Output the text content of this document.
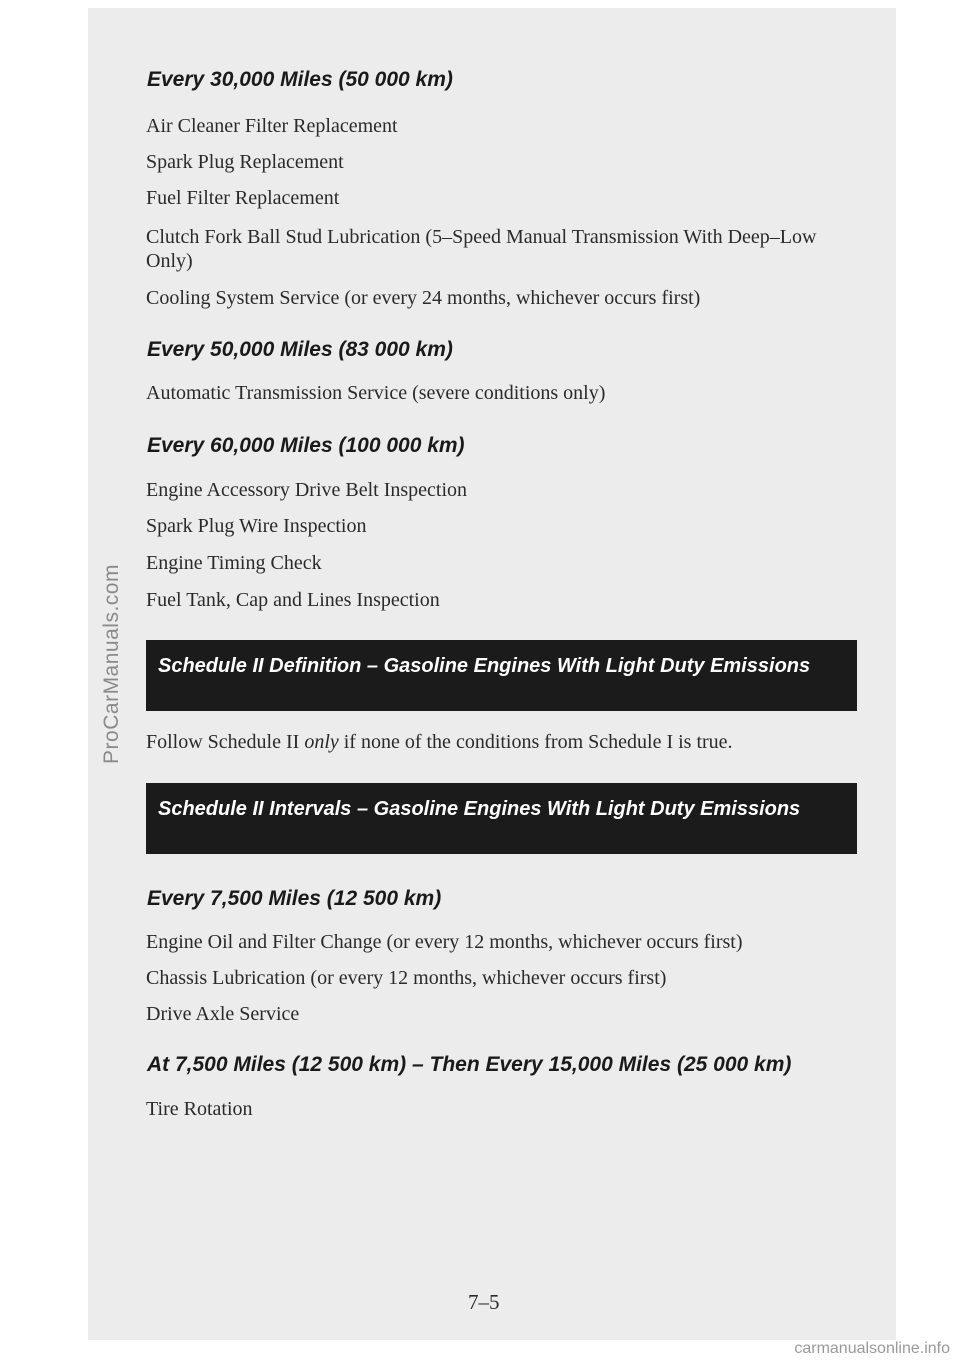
ProCarManuals.com
Every 30,000 Miles (50 000 km)
Air Cleaner Filter Replacement
Spark Plug Replacement
Fuel Filter Replacement
Clutch Fork Ball Stud Lubrication (5–Speed Manual Transmission With Deep–Low Only)
Cooling System Service (or every 24 months, whichever occurs first)
Every 50,000 Miles (83 000 km)
Automatic Transmission Service (severe conditions only)
Every 60,000 Miles (100 000 km)
Engine Accessory Drive Belt Inspection
Spark Plug Wire Inspection
Engine Timing Check
Fuel Tank, Cap and Lines Inspection
Schedule II Definition – Gasoline Engines With Light Duty Emissions
Follow Schedule II only if none of the conditions from Schedule I is true.
Schedule II Intervals – Gasoline Engines With Light Duty Emissions
Every 7,500 Miles (12 500 km)
Engine Oil and Filter Change (or every 12 months, whichever occurs first)
Chassis Lubrication (or every 12 months, whichever occurs first)
Drive Axle Service
At 7,500 Miles (12 500 km) – Then Every 15,000 Miles (25 000 km)
Tire Rotation
7–5
carmanualsonline.info
